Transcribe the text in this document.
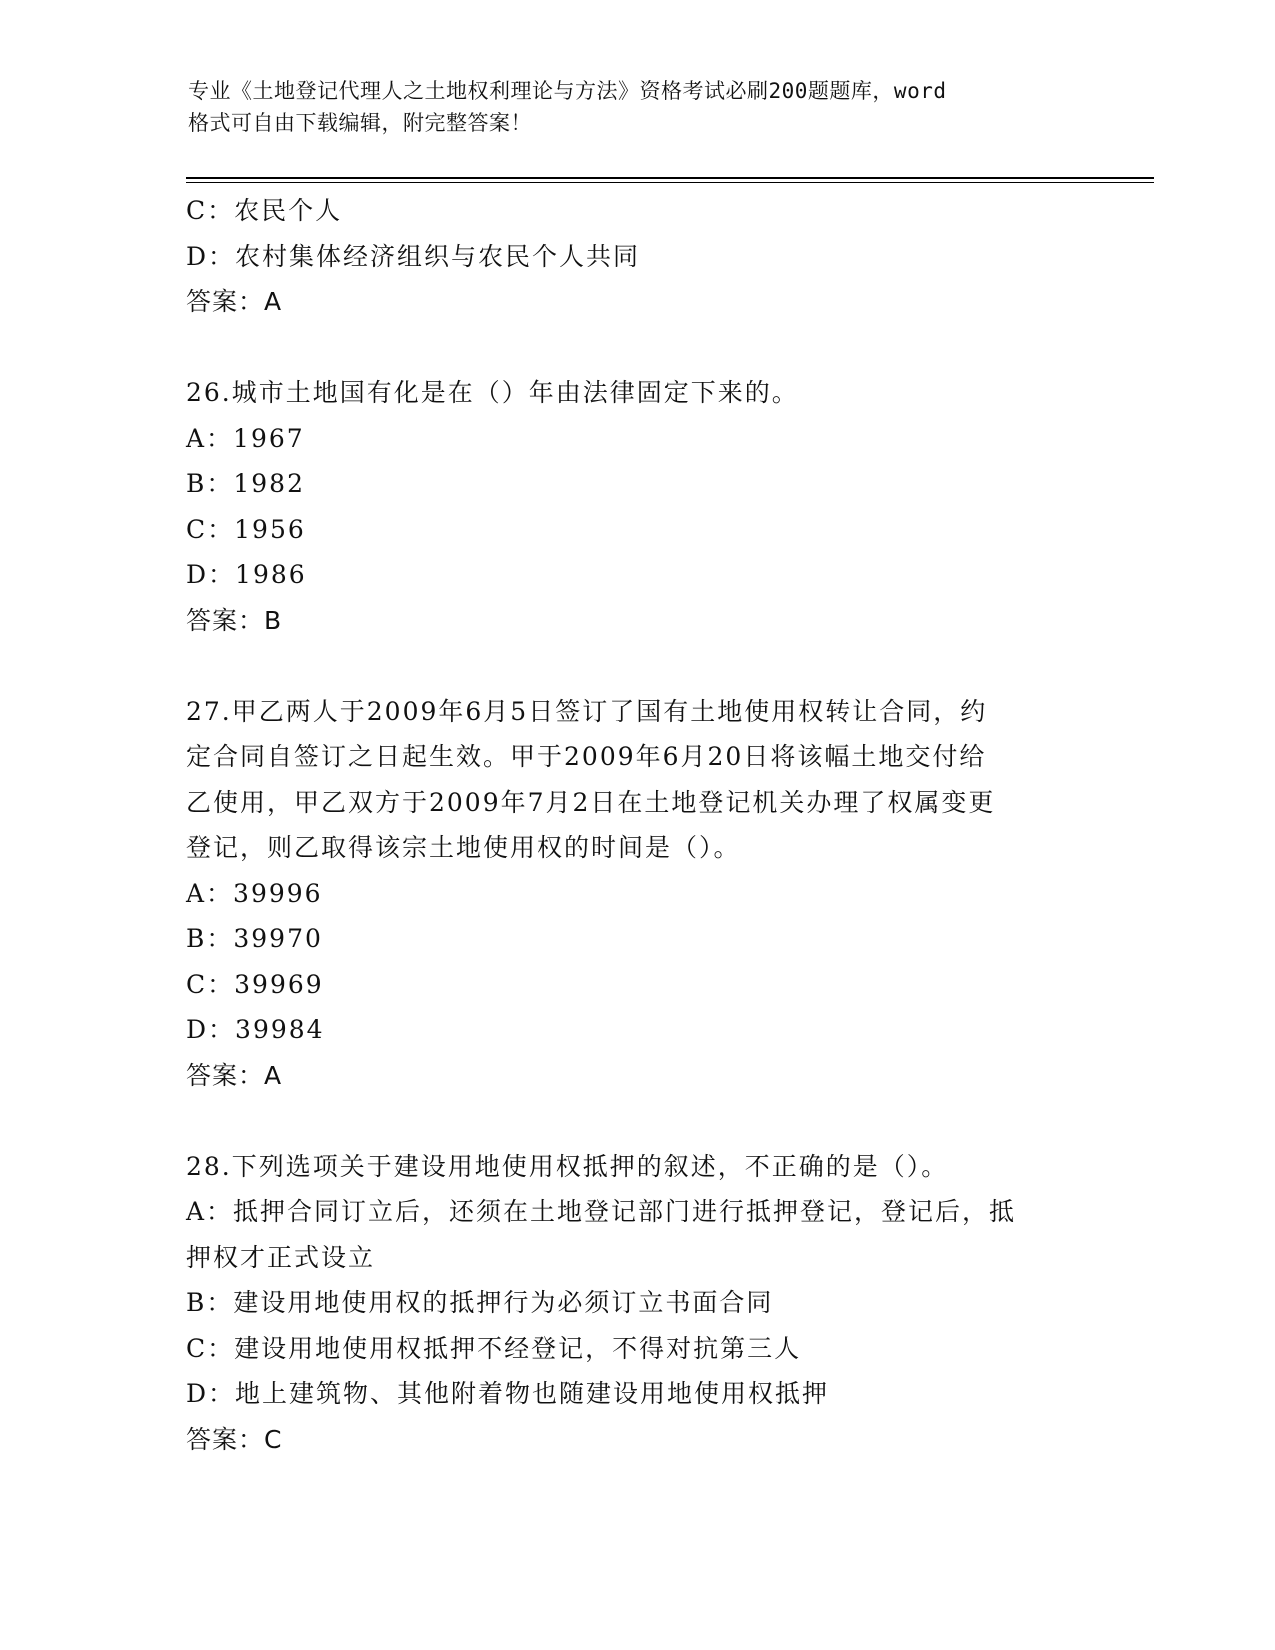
专业《土地登记代理人之土地权利理论与方法》资格考试必刷200题题库，word
格式可自由下载编辑，附完整答案！
C：农民个人
D：农村集体经济组织与农民个人共同
答案：A
26.城市土地国有化是在（）年由法律固定下来的。
A：1967
B：1982
C：1956
D：1986
答案：B
27.甲乙两人于2009年6月5日签订了国有土地使用权转让合同，约
定合同自签订之日起生效。甲于2009年6月20日将该幅土地交付给
乙使用，甲乙双方于2009年7月2日在土地登记机关办理了权属变更
登记，则乙取得该宗土地使用权的时间是（）。
A：39996
B：39970
C：39969
D：39984
答案：A
28.下列选项关于建设用地使用权抵押的叙述，不正确的是（）。
A：抵押合同订立后，还须在土地登记部门进行抵押登记，登记后，抵
押权才正式设立
B：建设用地使用权的抵押行为必须订立书面合同
C：建设用地使用权抵押不经登记，不得对抗第三人
D：地上建筑物、其他附着物也随建设用地使用权抵押
答案：C
